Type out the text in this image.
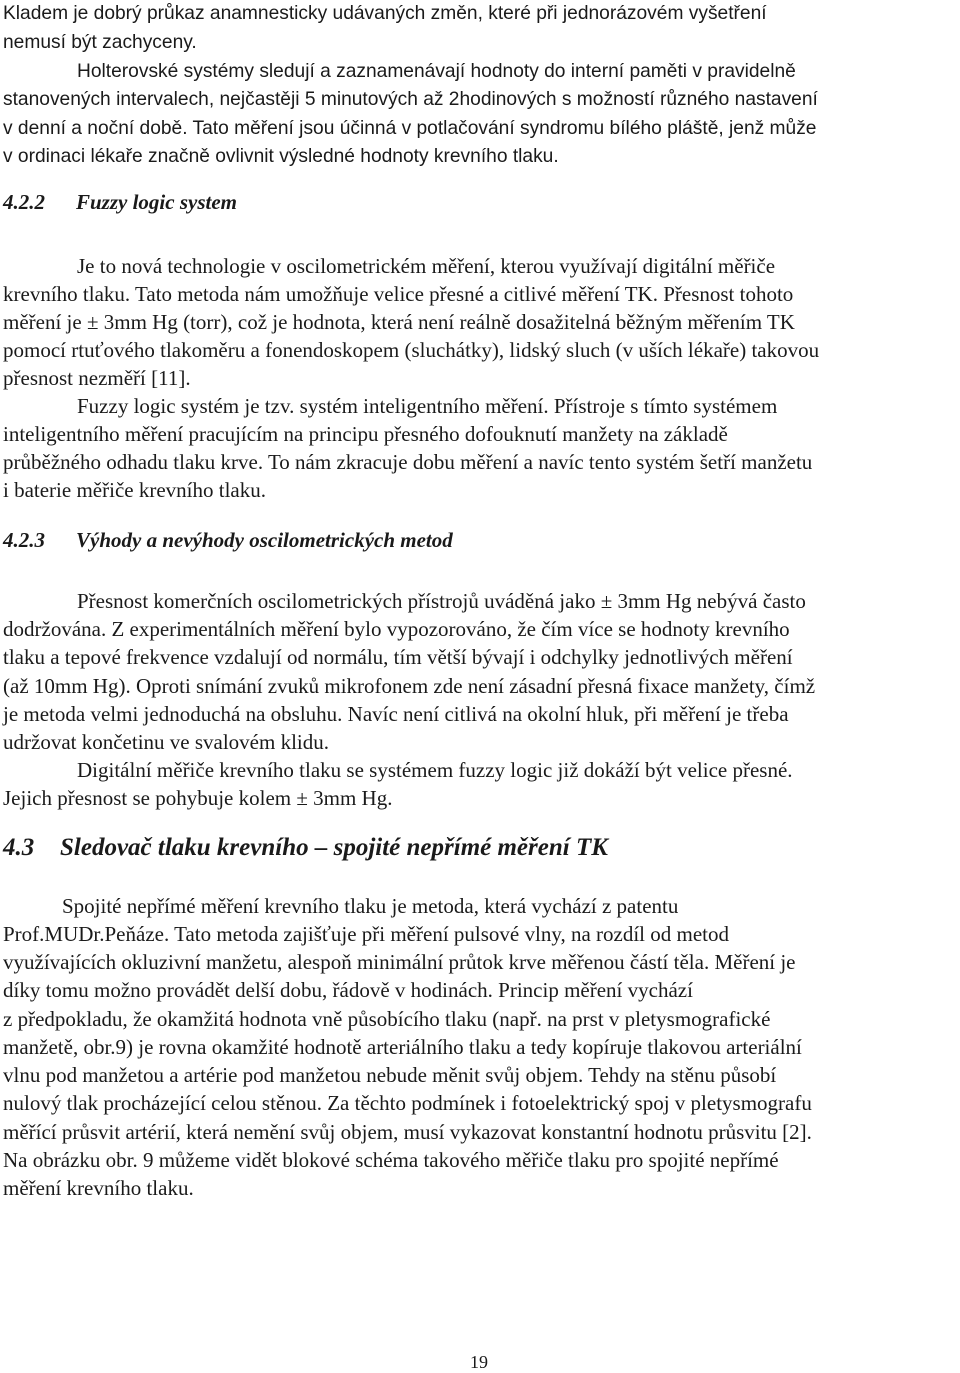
Kladem je dobrý průkaz anamnesticky udávaných změn, které při jednorázovém vyšetření

nemusí být zachyceny.

Holterovské systémy sledují a zaznamenávají hodnoty do interní paměti v pravidelně

stanovených intervalech, nejčastěji 5 minutových až 2hodinových s možností různého nastavení

v denní a noční době. Tato měření jsou účinná v potlačování syndromu bílého pláště, jenž může

v ordinaci lékaře značně ovlivnit výsledné hodnoty krevního tlaku.

4.2.2 Fuzzy logic system

Je to nová technologie v oscilometrickém měření, kterou využívají digitální měřiče

krevního tlaku. Tato metoda nám umožňuje velice přesné a citlivé měření TK. Přesnost tohoto

měření je ± 3mm Hg (torr), což je hodnota, která není reálně dosažitelná běžným měřením TK

pomocí rtuťového tlakoměru a fonendoskopem (sluchátky), lidský sluch (v uších lékaře) takovou

přesnost nezměří [11].

Fuzzy logic systém je tzv. systém inteligentního měření. Přístroje s tímto systémem

inteligentního měření pracujícím na principu přesného dofouknutí manžety na základě

průběžného odhadu tlaku krve. To nám zkracuje dobu měření a navíc tento systém šetří manžetu

i baterie měřiče krevního tlaku.

4.2.3 Výhody a nevýhody oscilometrických metod

Přesnost komerčních oscilometrických přístrojů uváděná jako ± 3mm Hg nebývá často

dodržována. Z experimentálních měření bylo vypozorováno, že čím více se hodnoty krevního

tlaku a tepové frekvence vzdalují od normálu, tím větší bývají i odchylky jednotlivých měření

(až 10mm Hg). Oproti snímání zvuků mikrofonem zde není zásadní přesná fixace manžety, čímž

je metoda velmi jednoduchá na obsluhu. Navíc není citlivá na okolní hluk, při měření je třeba

udržovat končetinu ve svalovém klidu.

Digitální měřiče krevního tlaku se systémem fuzzy logic již dokáží být velice přesné.

Jejich přesnost se pohybuje kolem ± 3mm Hg.

4.3 Sledovač tlaku krevního – spojité nepřímé měření TK

Spojité nepřímé měření krevního tlaku je metoda, která vychází z patentu

Prof.MUDr.Peňáze. Tato metoda zajišťuje při měření pulsové vlny, na rozdíl od metod

využívajících okluzivní manžetu, alespoň minimální průtok krve měřenou částí těla. Měření je

díky tomu možno provádět delší dobu, řádově v hodinách. Princip měření vychází

z předpokladu, že okamžitá hodnota vně působícího tlaku (např. na prst v pletysmografické

manžetě, obr.9) je rovna okamžité hodnotě arteriálního tlaku a tedy kopíruje tlakovou arteriální

vlnu pod manžetou a artérie pod manžetou nebude měnit svůj objem. Tehdy na stěnu působí

nulový tlak procházející celou stěnou. Za těchto podmínek i fotoelektrický spoj v pletysmografu

měřící průsvit artérií, která nemění svůj objem, musí vykazovat konstantní hodnotu průsvitu [2].

Na obrázku obr. 9 můžeme vidět blokové schéma takového měřiče tlaku pro spojité nepřímé

měření krevního tlaku.

19
